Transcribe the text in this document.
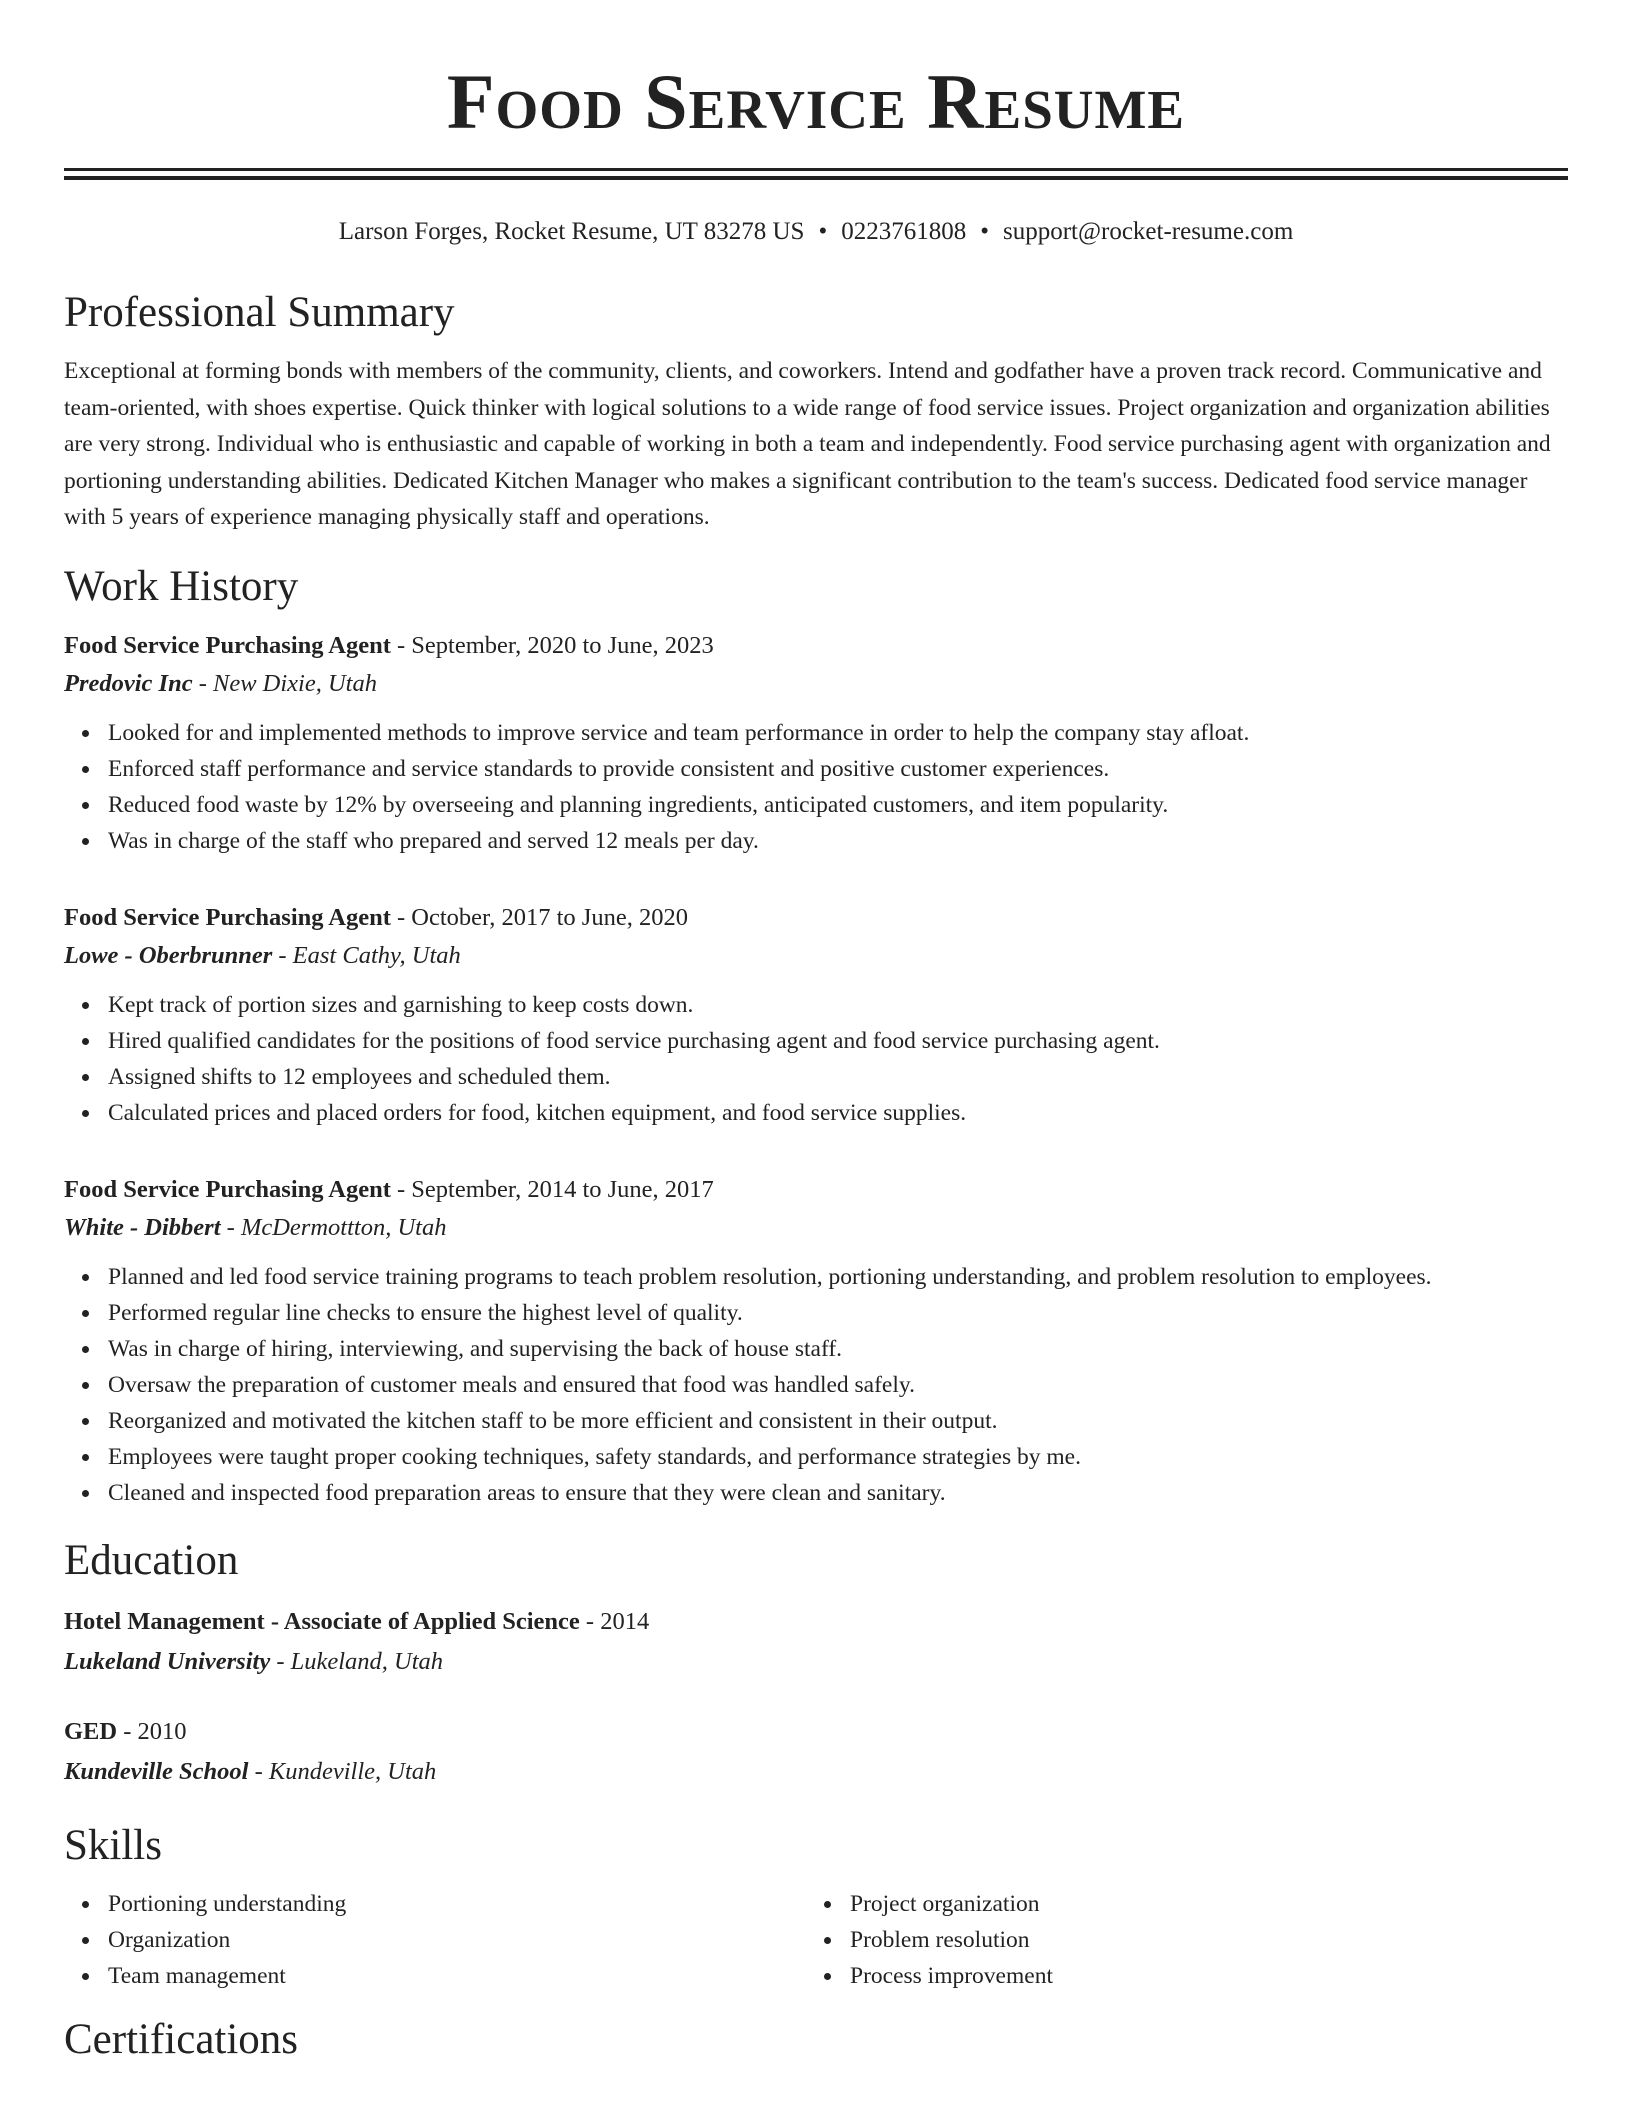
Food Service Resume
Larson Forges, Rocket Resume, UT 83278 US • 0223761808 • support@rocket-resume.com
Professional Summary

Exceptional at forming bonds with members of the community, clients, and coworkers. Intend and godfather have a proven track record. Communicative and team-oriented, with shoes expertise. Quick thinker with logical solutions to a wide range of food service issues. Project organization and organization abilities are very strong. Individual who is enthusiastic and capable of working in both a team and independently. Food service purchasing agent with organization and portioning understanding abilities. Dedicated Kitchen Manager who makes a significant contribution to the team's success. Dedicated food service manager with 5 years of experience managing physically staff and operations.

Work History
Food Service Purchasing Agent - September, 2020 to June, 2023
Predovic Inc - New Dixie, Utah
Looked for and implemented methods to improve service and team performance in order to help the company stay afloat.
Enforced staff performance and service standards to provide consistent and positive customer experiences.
Reduced food waste by 12% by overseeing and planning ingredients, anticipated customers, and item popularity.
Was in charge of the staff who prepared and served 12 meals per day.
Food Service Purchasing Agent - October, 2017 to June, 2020
Lowe - Oberbrunner - East Cathy, Utah
Kept track of portion sizes and garnishing to keep costs down.
Hired qualified candidates for the positions of food service purchasing agent and food service purchasing agent.
Assigned shifts to 12 employees and scheduled them.
Calculated prices and placed orders for food, kitchen equipment, and food service supplies.
Food Service Purchasing Agent - September, 2014 to June, 2017
White - Dibbert - McDermottton, Utah
Planned and led food service training programs to teach problem resolution, portioning understanding, and problem resolution to employees.
Performed regular line checks to ensure the highest level of quality.
Was in charge of hiring, interviewing, and supervising the back of house staff.
Oversaw the preparation of customer meals and ensured that food was handled safely.
Reorganized and motivated the kitchen staff to be more efficient and consistent in their output.
Employees were taught proper cooking techniques, safety standards, and performance strategies by me.
Cleaned and inspected food preparation areas to ensure that they were clean and sanitary.
Education
Hotel Management - Associate of Applied Science - 2014
Lukeland University - Lukeland, Utah
GED - 2010
Kundeville School - Kundeville, Utah
Skills
Portioning understanding
Organization
Team management
Project organization
Problem resolution
Process improvement
Certifications
